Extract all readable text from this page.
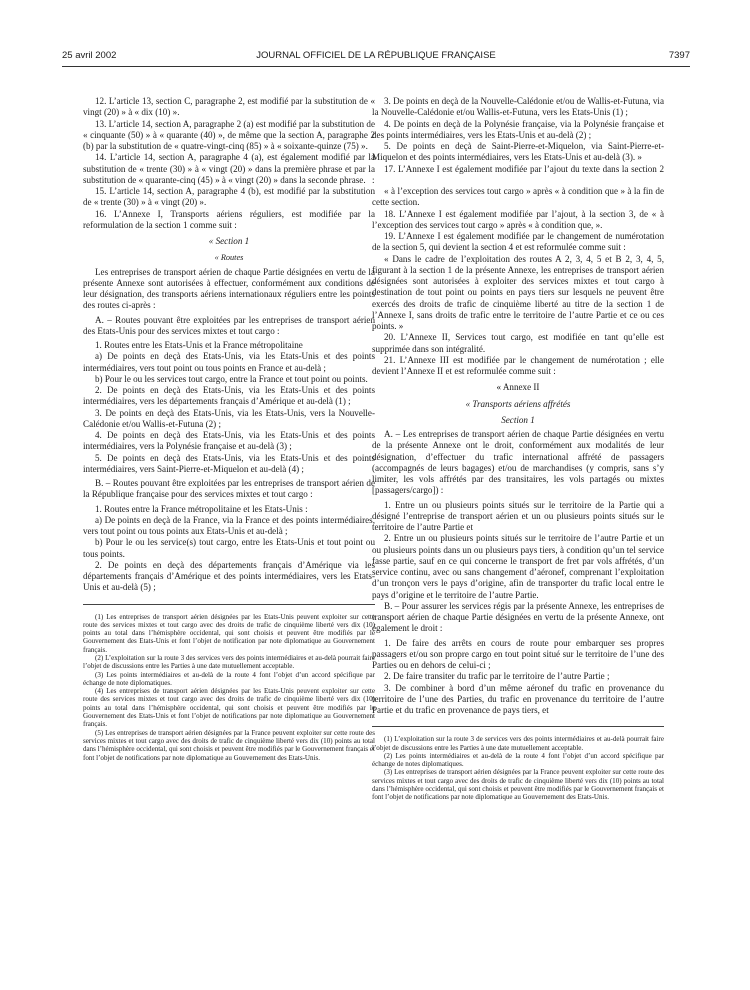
25 avril 2002	JOURNAL OFFICIEL DE LA RÉPUBLIQUE FRANÇAISE	7397

12. L’article 13, section C, paragraphe 2, est modifié par la substitution de « vingt (20) » à « dix (10) ».

13. L’article 14, section A, paragraphe 2 (a) est modifié par la substitution de « cinquante (50) » à « quarante (40) », de même que la section A, paragraphe 2 (b) par la substitution de « quatre-vingt-cinq (85) » à « soixante-quinze (75) ».

14. L’article 14, section A, paragraphe 4 (a), est également modifié par la substitution de « trente (30) » à « vingt (20) » dans la première phrase et par la substitution de « quarante-cinq (45) » à « vingt (20) » dans la seconde phrase.

15. L’article 14, section A, paragraphe 4 (b), est modifié par la substitution de « trente (30) » à « vingt (20) ».

16. L’Annexe I, Transports aériens réguliers, est modifiée par la reformulation de la section 1 comme suit :

« Section 1

« Routes

Les entreprises de transport aérien de chaque Partie désignées en vertu de la présente Annexe sont autorisées à effectuer, conformément aux conditions de leur désignation, des transports aériens internationaux réguliers entre les points des routes ci-après :

A. – Routes pouvant être exploitées par les entreprises de transport aérien des Etats-Unis pour des services mixtes et tout cargo :

1. Routes entre les Etats-Unis et la France métropolitaine

a) De points en deçà des Etats-Unis, via les Etats-Unis et des points intermédiaires, vers tout point ou tous points en France et au-delà ;

b) Pour le ou les services tout cargo, entre la France et tout point ou points.

2. De points en deçà des Etats-Unis, via les Etats-Unis et des points intermédiaires, vers les départements français d’Amérique et au-delà (1) ;

3. De points en deçà des Etats-Unis, via les Etats-Unis, vers la Nouvelle-Calédonie et/ou Wallis-et-Futuna (2) ;

4. De points en deçà des Etats-Unis, via les Etats-Unis et des points intermédiaires, vers la Polynésie française et au-delà (3) ;

5. De points en deçà des Etats-Unis, via les Etats-Unis et des points intermédiaires, vers Saint-Pierre-et-Miquelon et au-delà (4) ;

B. – Routes pouvant être exploitées par les entreprises de transport aérien de la République française pour des services mixtes et tout cargo :

1. Routes entre la France métropolitaine et les Etats-Unis :

a) De points en deçà de la France, via la France et des points intermédiaires, vers tout point ou tous points aux Etats-Unis et au-delà ;

b) Pour le ou les service(s) tout cargo, entre les Etats-Unis et tout point ou tous points.

2. De points en deçà des départements français d’Amérique via les départements français d’Amérique et des points intermédiaires, vers les Etats-Unis et au-delà (5) ;

(1) Les entreprises de transport aérien désignées par les Etats-Unis peuvent exploiter sur cette route des services mixtes et tout cargo avec des droits de trafic de cinquième liberté vers dix (10) points au total dans l’hémisphère occidental, qui sont choisis et peuvent être modifiés par le Gouvernement des Etats-Unis et font l’objet de notification par note diplomatique au Gouvernement français.

(2) L’exploitation sur la route 3 des services vers des points intermédiaires et au-delà pourrait faire l’objet de discussions entre les Parties à une date mutuellement acceptable.

(3) Les points intermédiaires et au-delà de la route 4 font l’objet d’un accord spécifique par échange de note diplomatiques.

(4) Les entreprises de transport aérien désignées par les Etats-Unis peuvent exploiter sur cette route des services mixtes et tout cargo avec des droits de trafic de cinquième liberté vers dix (10) points au total dans l’hémisphère occidental, qui sont choisis et peuvent être modifiés par le Gouvernement des Etats-Unis et font l’objet de notifications par note diplomatique au Gouvernement français.

(5) Les entreprises de transport aérien désignées par la France peuvent exploiter sur cette route des services mixtes et tout cargo avec des droits de trafic de cinquième liberté vers dix (10) points au total dans l’hémisphère occidental, qui sont choisis et peuvent être modifiés par le Gouvernement français et font l’objet de notifications par note diplomatique au Gouvernement des Etats-Unis.

3. De points en deçà de la Nouvelle-Calédonie et/ou de Wallis-et-Futuna, via la Nouvelle-Calédonie et/ou Wallis-et-Futuna, vers les Etats-Unis (1) ;

4. De points en deçà de la Polynésie française, via la Polynésie française et des points intermédiaires, vers les Etats-Unis et au-delà (2) ;

5. De points en deçà de Saint-Pierre-et-Miquelon, via Saint-Pierre-et-Miquelon et des points intermédiaires, vers les Etats-Unis et au-delà (3). »

17. L’Annexe I est également modifiée par l’ajout du texte dans la section 2 :

« à l’exception des services tout cargo » après « à condition que » à la fin de cette section.

18. L’Annexe I est également modifiée par l’ajout, à la section 3, de « à l’exception des services tout cargo » après « à condition que, ».

19. L’Annexe I est également modifiée par le changement de numérotation de la section 5, qui devient la section 4 et est reformulée comme suit :

« Dans le cadre de l’exploitation des routes A 2, 3, 4, 5 et B 2, 3, 4, 5, figurant à la section 1 de la présente Annexe, les entreprises de transport aérien désignées sont autorisées à exploiter des services mixtes et tout cargo à destination de tout point ou points en pays tiers sur lesquels ne peuvent être exercés des droits de trafic de cinquième liberté au titre de la section 1 de l’Annexe I, sans droits de trafic entre le territoire de l’autre Partie et ce ou ces points. »

20. L’Annexe II, Services tout cargo, est modifiée en tant qu’elle est supprimée dans son intégralité.

21. L’Annexe III est modifiée par le changement de numérotation ; elle devient l’Annexe II et est reformulée comme suit :

« Annexe II

« Transports aériens affrétés

Section 1

A. – Les entreprises de transport aérien de chaque Partie désignées en vertu de la présente Annexe ont le droit, conformément aux modalités de leur désignation, d’effectuer du trafic international affrété de passagers (accompagnés de leurs bagages) et/ou de marchandises (y compris, sans s’y limiter, les vols affrétés par des transitaires, les vols partagés ou mixtes [passagers/cargo]) :

1. Entre un ou plusieurs points situés sur le territoire de la Partie qui a désigné l’entreprise de transport aérien et un ou plusieurs points situés sur le territoire de l’autre Partie et

2. Entre un ou plusieurs points situés sur le territoire de l’autre Partie et un ou plusieurs points dans un ou plusieurs pays tiers, à condition qu’un tel service fasse partie, sauf en ce qui concerne le transport de fret par vols affrétés, d’un service continu, avec ou sans changement d’aéronef, comprenant l’exploitation d’un tronçon vers le pays d’origine, afin de transporter du trafic local entre le pays d’origine et le territoire de l’autre Partie.

B. – Pour assurer les services régis par la présente Annexe, les entreprises de transport aérien de chaque Partie désignées en vertu de la présente Annexe, ont également le droit :

1. De faire des arrêts en cours de route pour embarquer ses propres passagers et/ou son propre cargo en tout point situé sur le territoire de l’une des Parties ou en dehors de celui-ci ;

2. De faire transiter du trafic par le territoire de l’autre Partie ;

3. De combiner à bord d’un même aéronef du trafic en provenance du territoire de l’une des Parties, du trafic en provenance du territoire de l’autre Partie et du trafic en provenance de pays tiers, et

(1) L’exploitation sur la route 3 de services vers des points intermédiaires et au-delà pourrait faire l’objet de discussions entre les Parties à une date mutuellement acceptable.

(2) Les points intermédiaires et au-delà de la route 4 font l’objet d’un accord spécifique par échange de notes diplomatiques.

(3) Les entreprises de transport aérien désignées par la France peuvent exploiter sur cette route des services mixtes et tout cargo avec des droits de trafic de cinquième liberté vers dix (10) points au total dans l’hémisphère occidental, qui sont choisis et peuvent être modifiés par le Gouvernement français et font l’objet de notifications par note diplomatique au Gouvernement des Etats-Unis.
